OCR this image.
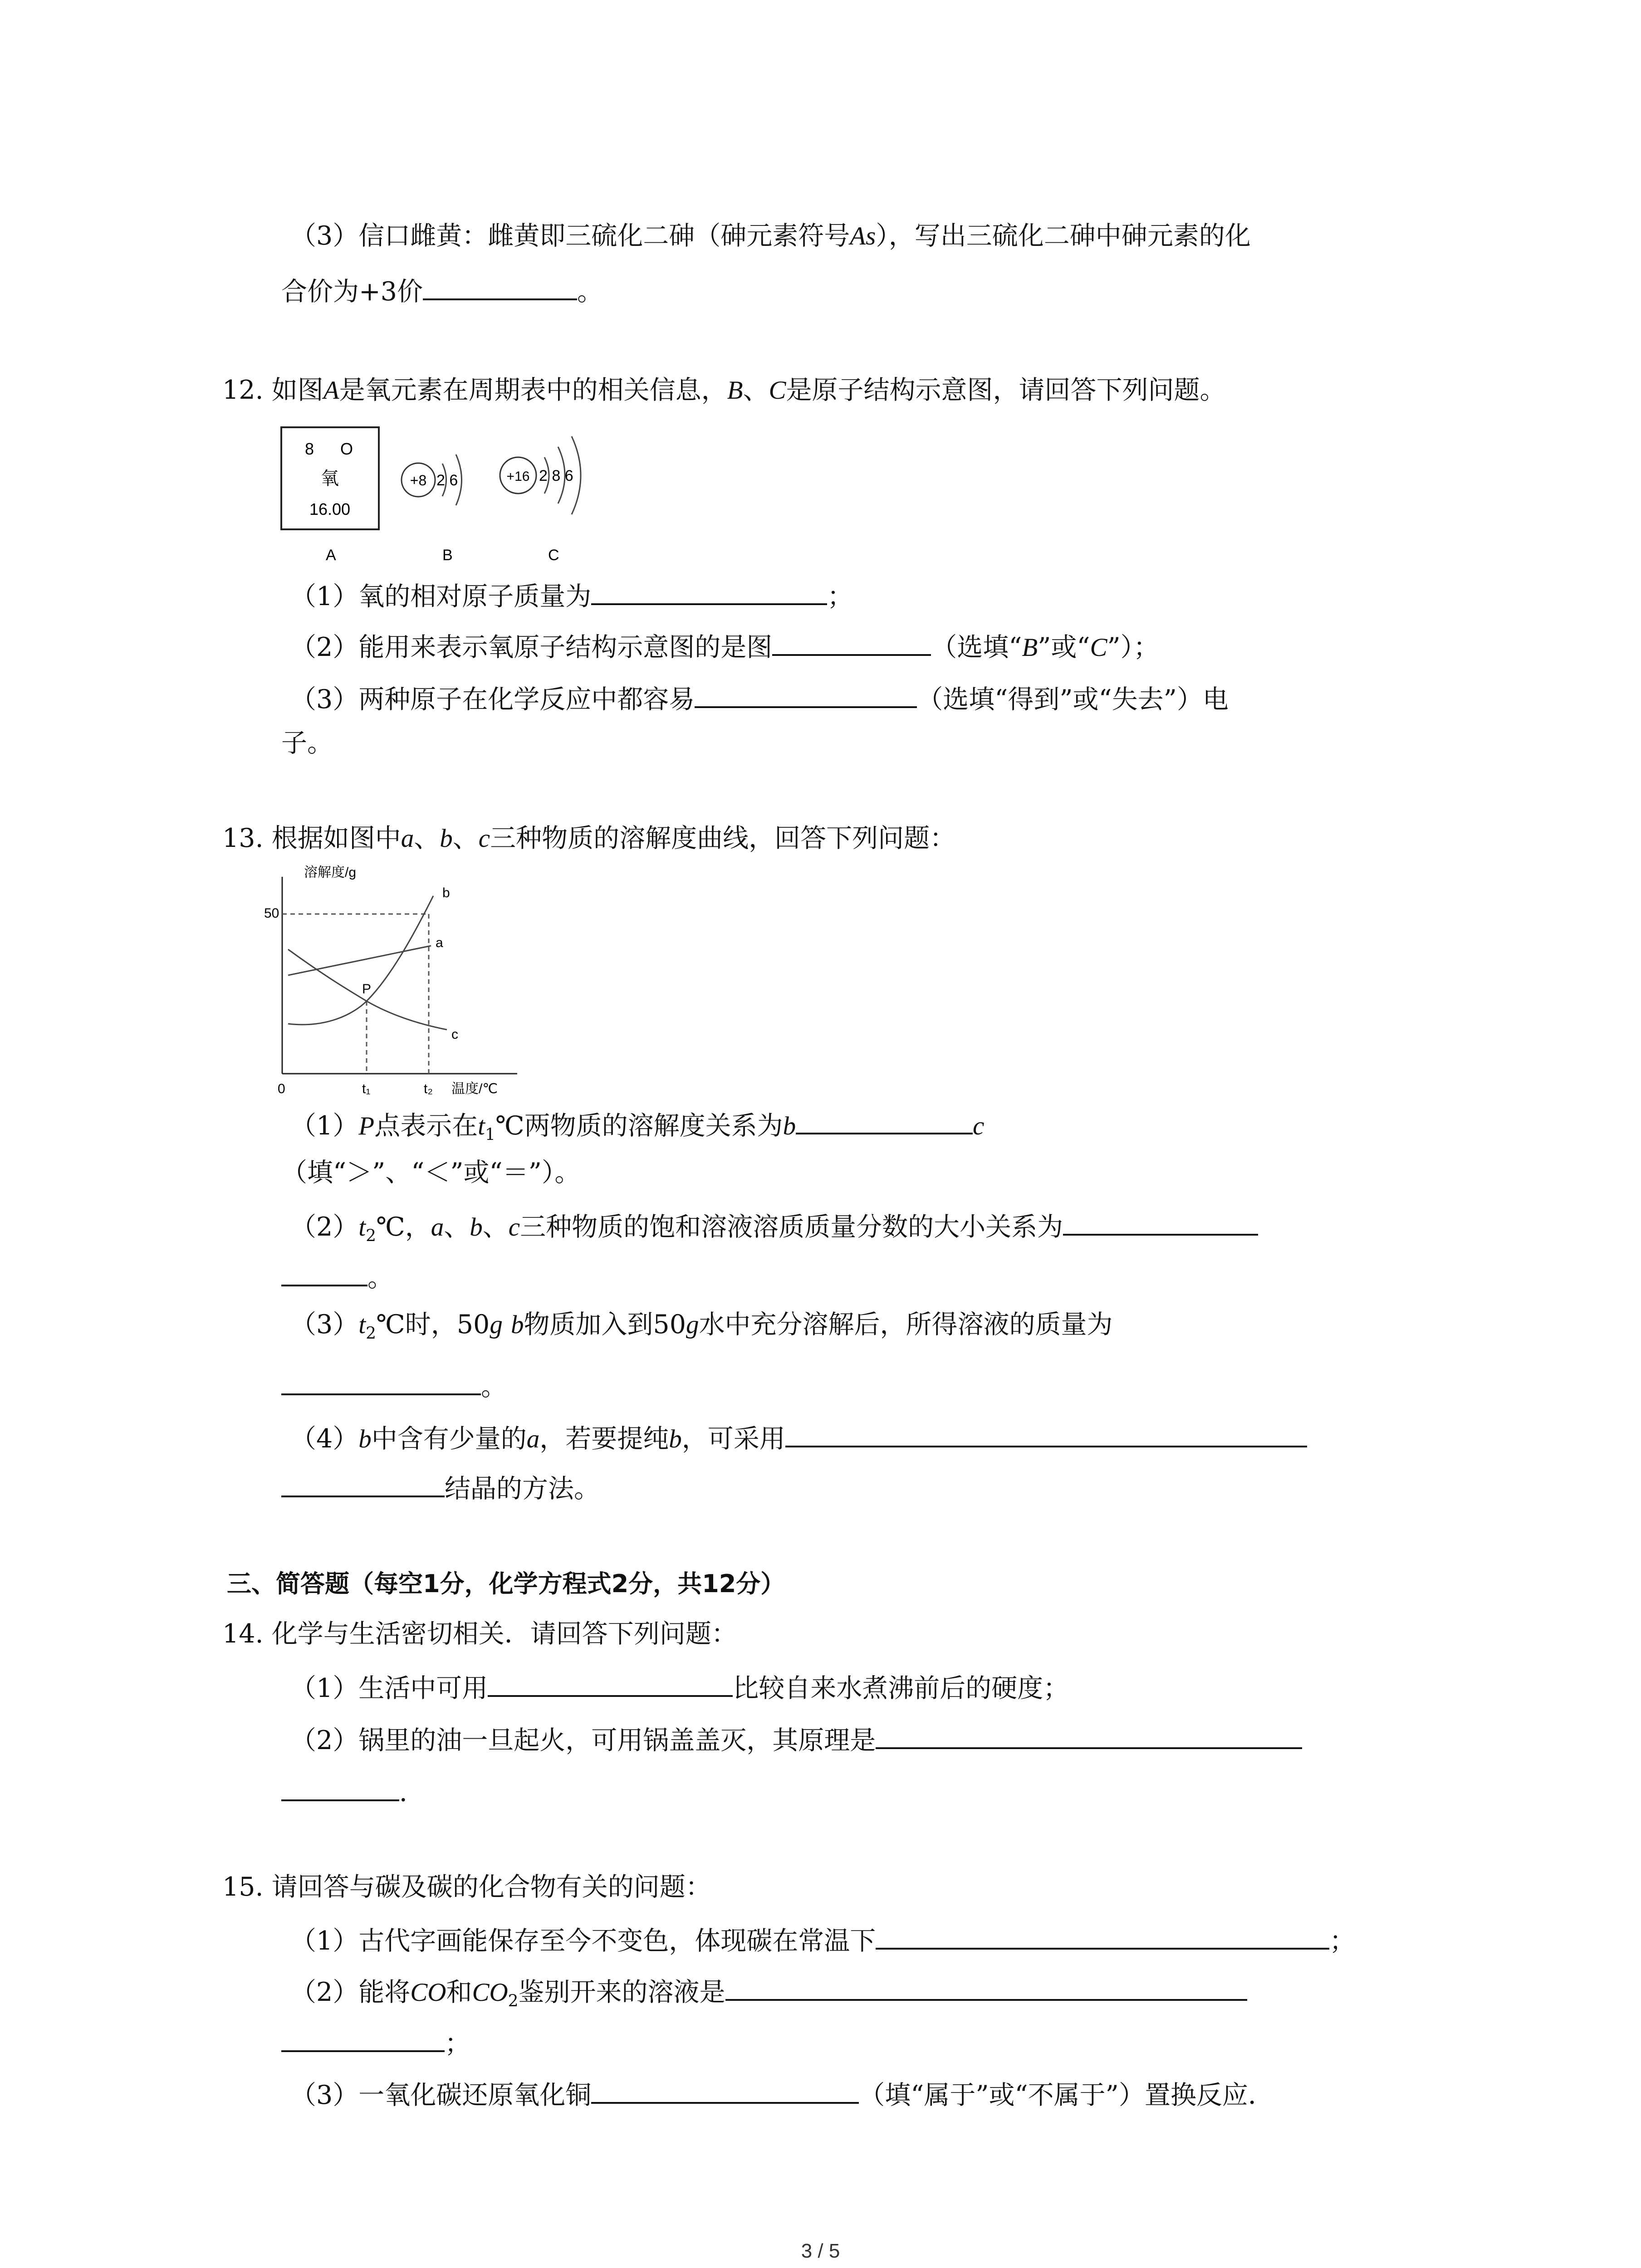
（3）信口雌黄：雌黄即三硫化二砷（砷元素符号As），写出三硫化二砷中砷元素的化
合价为+3价	。
12. 如图A是氧元素在周期表中的相关信息，B、C是原子结构示意图，请回答下列问题。
8 O
氧
16.00
+8 2 6	+16 2 8 6
A	B	C
（1）氧的相对原子质量为	；
（2）能用来表示氧原子结构示意图的是图	（选填“B”或“C”）；
（3）两种原子在化学反应中都容易	（选填“得到”或“失去”）电
子。
13. 根据如图中a、b、c三种物质的溶解度曲线，回答下列问题：
溶解度/g
温度/℃
50
0	t₁	t₂
a
b
c
P
（1）P点表示在$t_1℃$两物质的溶解度关系为b	c
（填“＞”、“＜”或“＝”）。
$(2)t_2℃$，a、b、c三种物质的饱和溶液溶质质量分数的大小关系为
。
$(3)t_2℃$时，50g b物质加入到50g水中充分溶解后，所得溶液的质量为
。
（4）b中含有少量的a，若要提纯b，可采用
结晶的方法。
三、简答题（每空1分，化学方程式2分，共12分）
14. 化学与生活密切相关．请回答下列问题：
（1）生活中可用	比较自来水煮沸前后的硬度；
（2）锅里的油一旦起火，可用锅盖盖灭，其原理是
．
15. 请回答与碳及碳的化合物有关的问题：
（1）古代字画能保存至今不变色，体现碳在常温下	；
（2）能将CO和$CO_2$鉴别开来的溶液是
；
（3）一氧化碳还原氧化铜	（填“属于”或“不属于”）置换反应．
3 / 5
